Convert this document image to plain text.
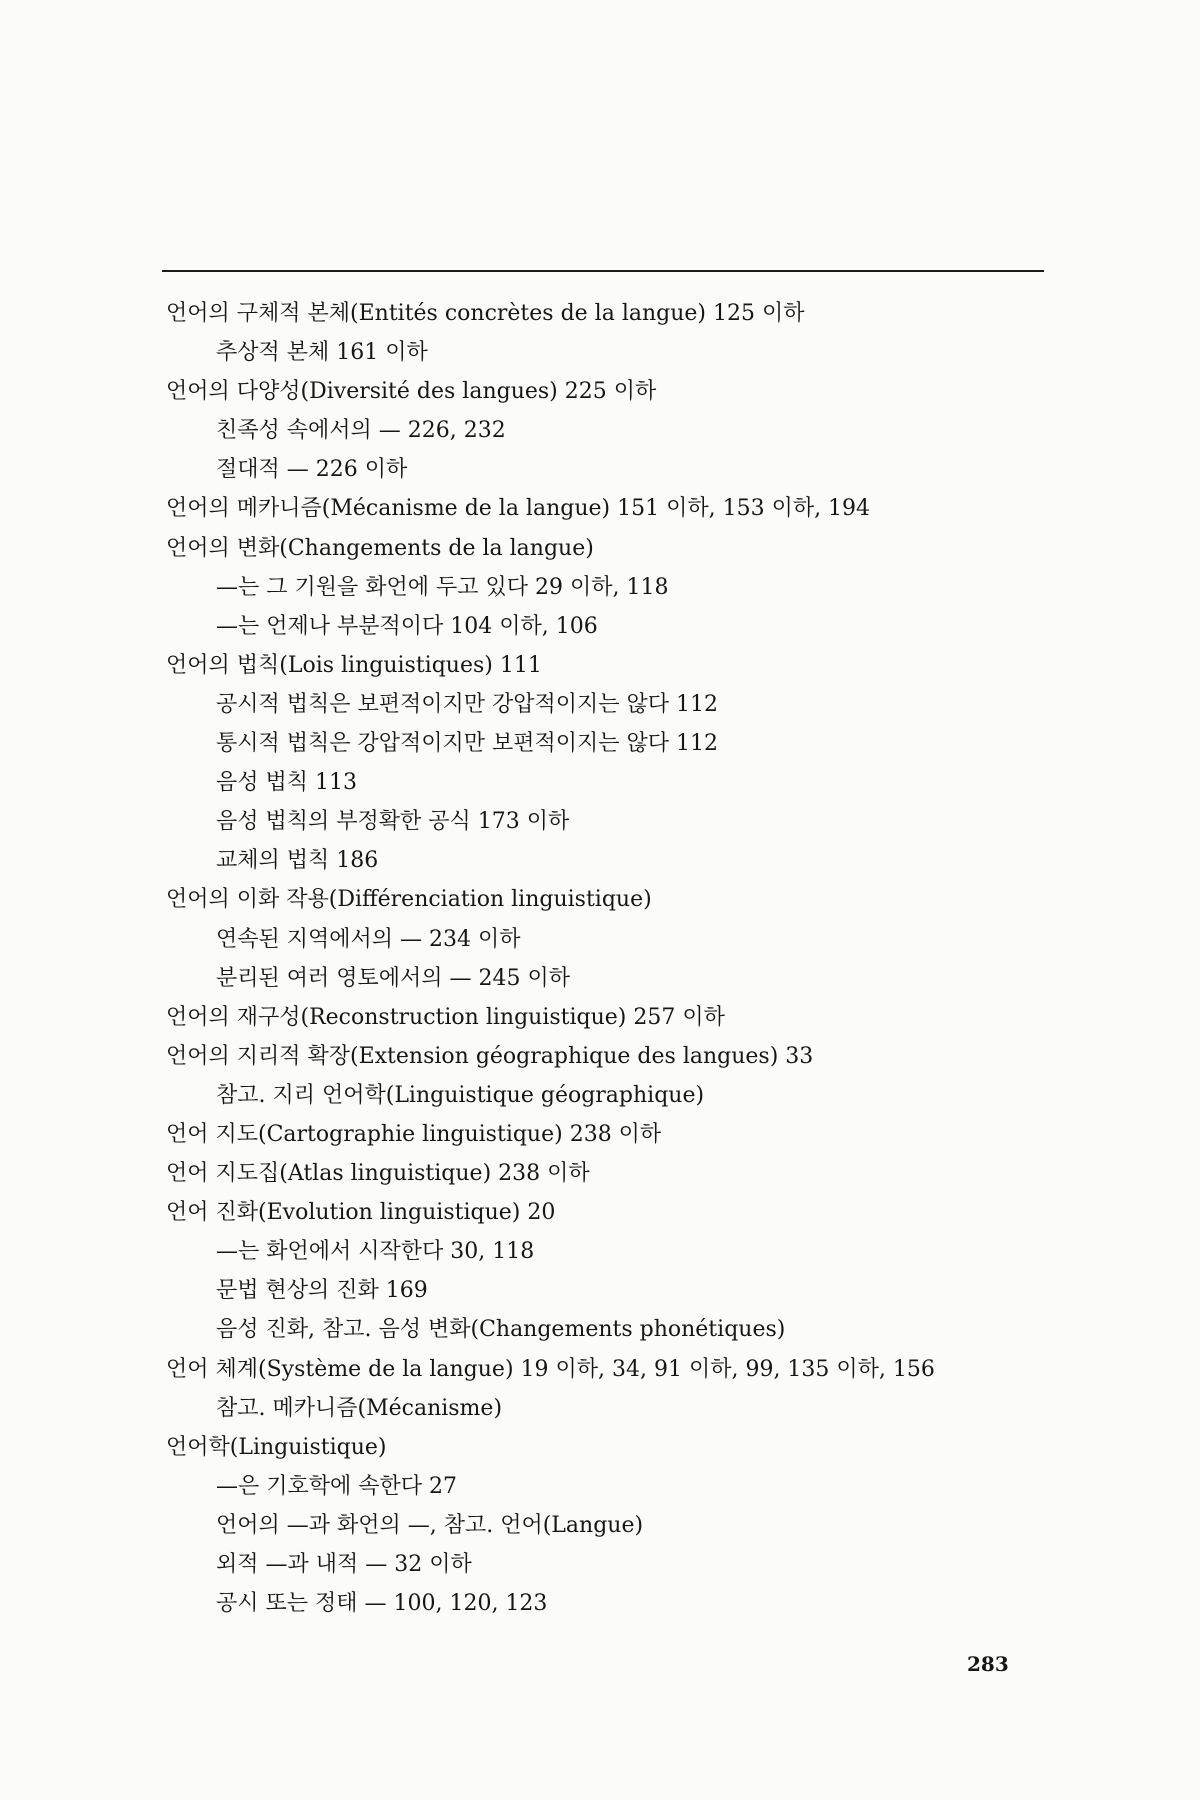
언어의 구체적 본체(Entités concrètes de la langue) 125 이하
추상적 본체 161 이하
언어의 다양성(Diversité des langues) 225 이하
친족성 속에서의 — 226, 232
절대적 — 226 이하
언어의 메카니즘(Mécanisme de la langue) 151 이하, 153 이하, 194
언어의 변화(Changements de la langue)
—는 그 기원을 화언에 두고 있다 29 이하, 118
—는 언제나 부분적이다 104 이하, 106
언어의 법칙(Lois linguistiques) 111
공시적 법칙은 보편적이지만 강압적이지는 않다 112
통시적 법칙은 강압적이지만 보편적이지는 않다 112
음성 법칙 113
음성 법칙의 부정확한 공식 173 이하
교체의 법칙 186
언어의 이화 작용(Différenciation linguistique)
연속된 지역에서의 — 234 이하
분리된 여러 영토에서의 — 245 이하
언어의 재구성(Reconstruction linguistique) 257 이하
언어의 지리적 확장(Extension géographique des langues) 33
참고. 지리 언어학(Linguistique géographique)
언어 지도(Cartographie linguistique) 238 이하
언어 지도집(Atlas linguistique) 238 이하
언어 진화(Evolution linguistique) 20
—는 화언에서 시작한다 30, 118
문법 현상의 진화 169
음성 진화, 참고. 음성 변화(Changements phonétiques)
언어 체계(Système de la langue) 19 이하, 34, 91 이하, 99, 135 이하, 156
참고. 메카니즘(Mécanisme)
언어학(Linguistique)
—은 기호학에 속한다 27
언어의 —과 화언의 —, 참고. 언어(Langue)
외적 —과 내적 — 32 이하
공시 또는 정태 — 100, 120, 123
283
